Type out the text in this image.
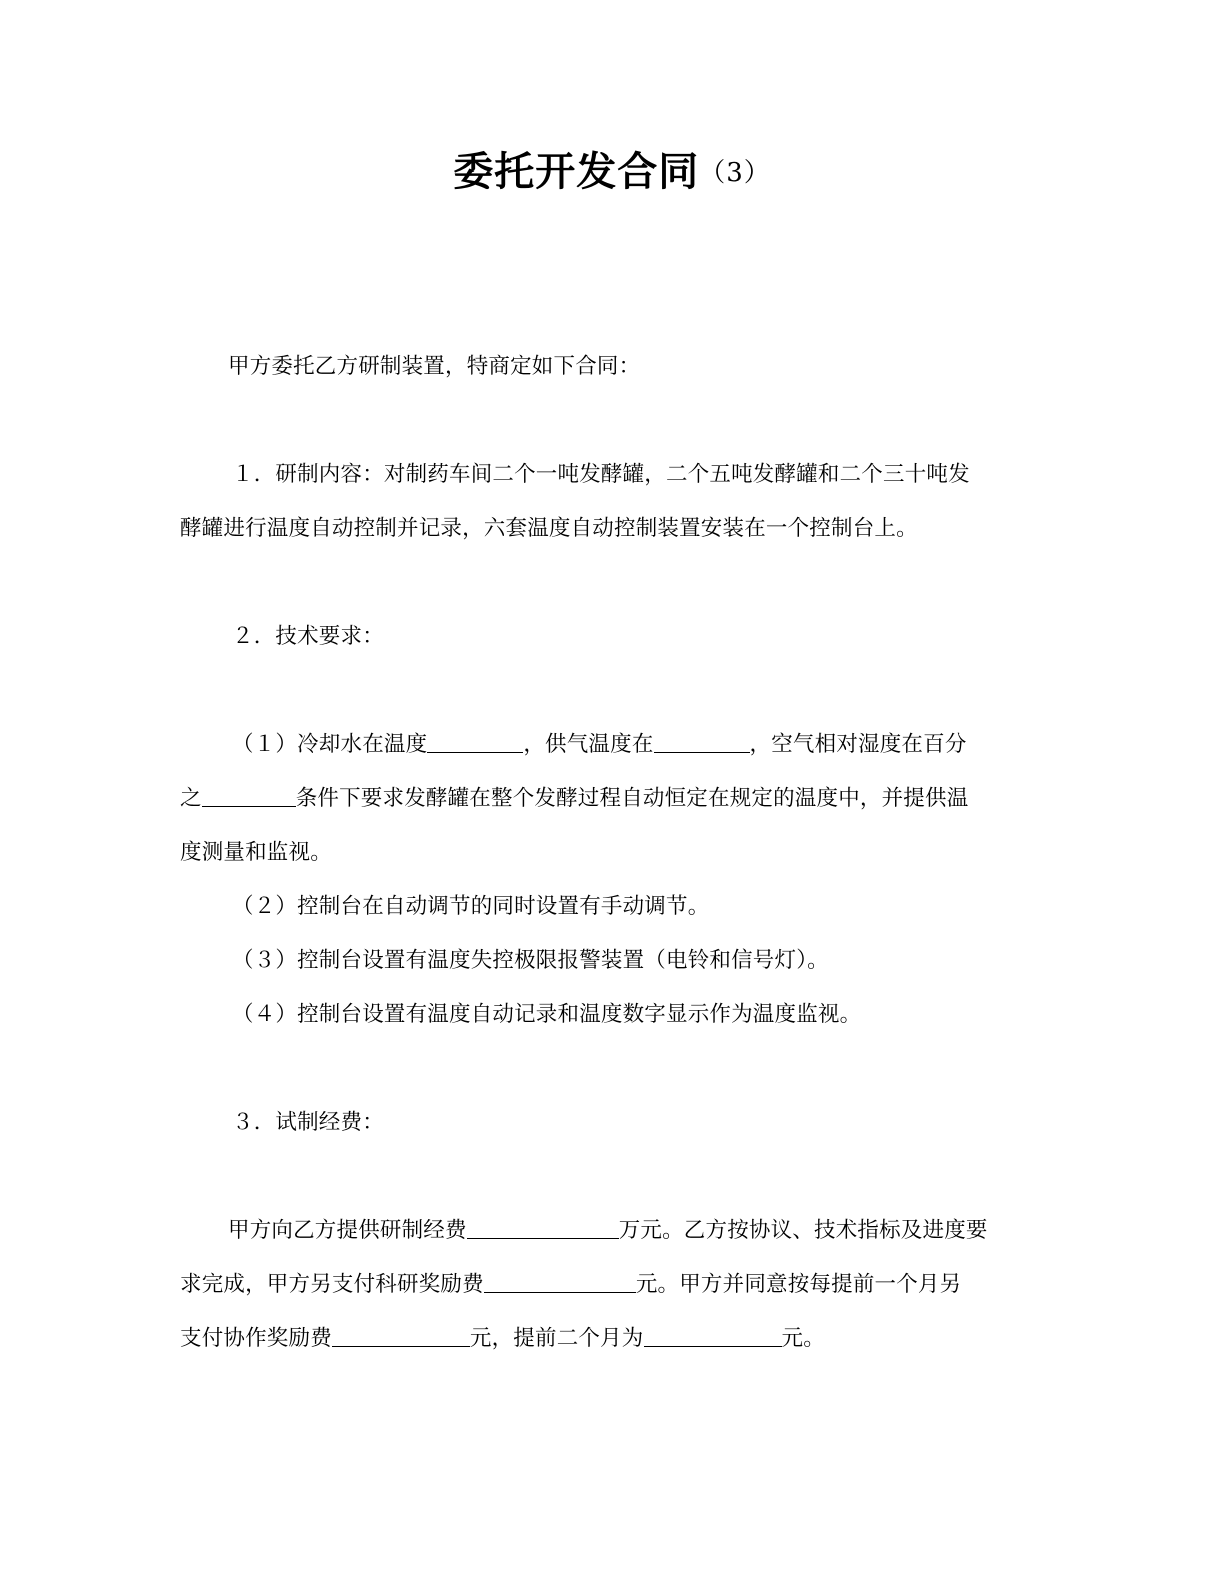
委托开发合同（3）
甲方委托乙方研制装置，特商定如下合同：
１．研制内容：对制药车间二个一吨发酵罐，二个五吨发酵罐和二个三十吨发
酵罐进行温度自动控制并记录，六套温度自动控制装置安装在一个控制台上。
２．技术要求：
（１）冷却水在温度	，供气温度在	，空气相对湿度在百分
之	条件下要求发酵罐在整个发酵过程自动恒定在规定的温度中，并提供温
度测量和监视。
（２）控制台在自动调节的同时设置有手动调节。
（３）控制台设置有温度失控极限报警装置（电铃和信号灯）。
（４）控制台设置有温度自动记录和温度数字显示作为温度监视。
３．试制经费：
甲方向乙方提供研制经费	万元。乙方按协议、技术指标及进度要
求完成，甲方另支付科研奖励费	元。甲方并同意按每提前一个月另
支付协作奖励费	元，提前二个月为	元。
